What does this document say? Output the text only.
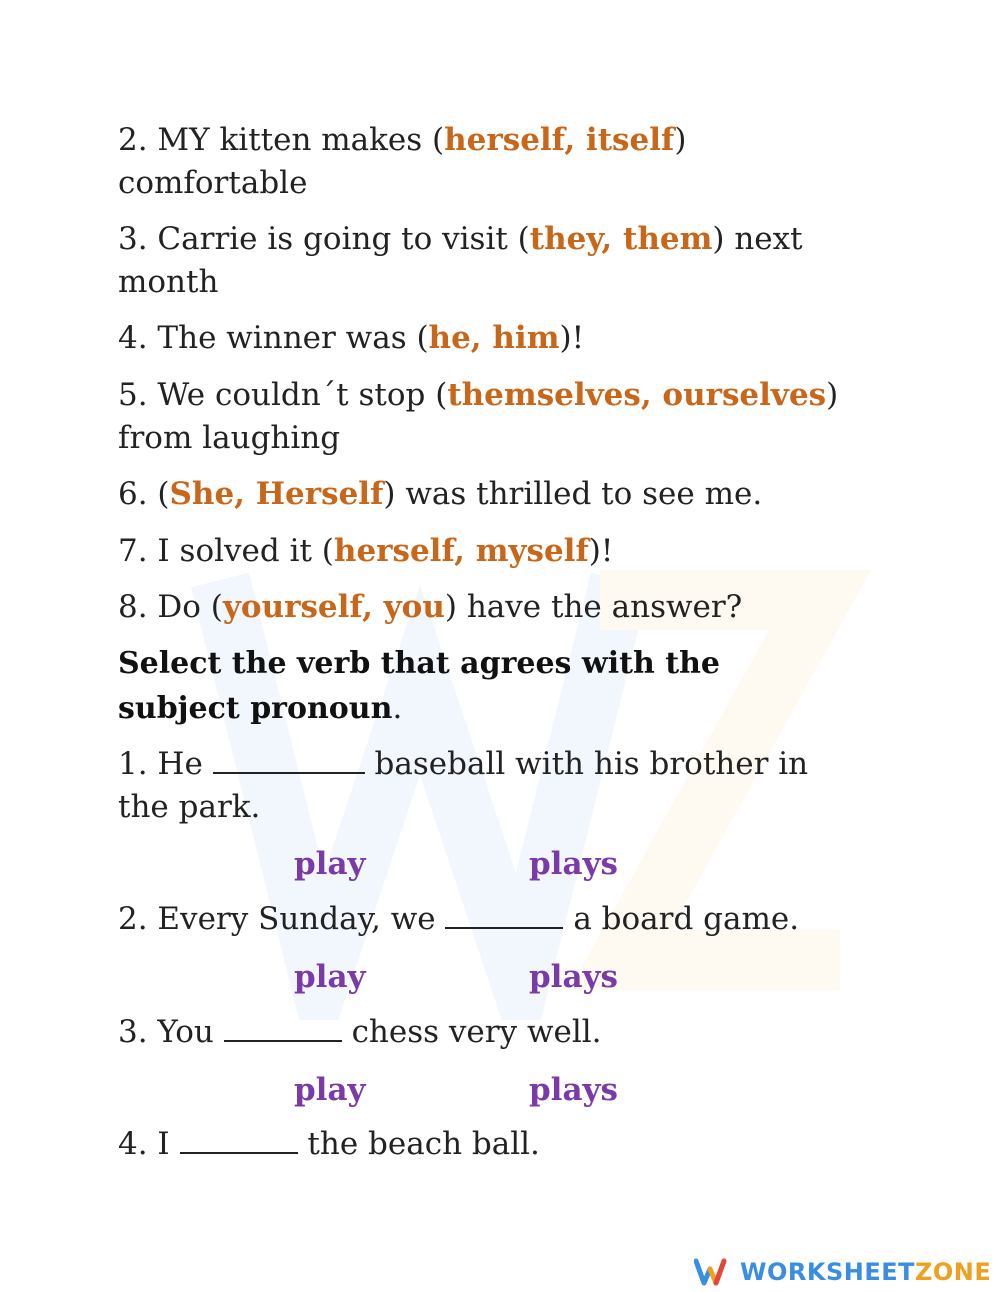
2. MY kitten makes (herself, itself)
comfortable
3. Carrie is going to visit (they, them) next
month
4. The winner was (he, him)!
5. We couldn´t stop (themselves, ourselves)
from laughing
6. (She, Herself) was thrilled to see me.
7. I solved it (herself, myself)!
8. Do (yourself, you) have the answer?
Select the verb that agrees with the
subject pronoun.
1. He	baseball with his brother in
the park.
play	plays
2. Every Sunday, we	a board game.
play	plays
3. You	chess very well.
play	plays
4. I	the beach ball.
WORKSHEETZONE
